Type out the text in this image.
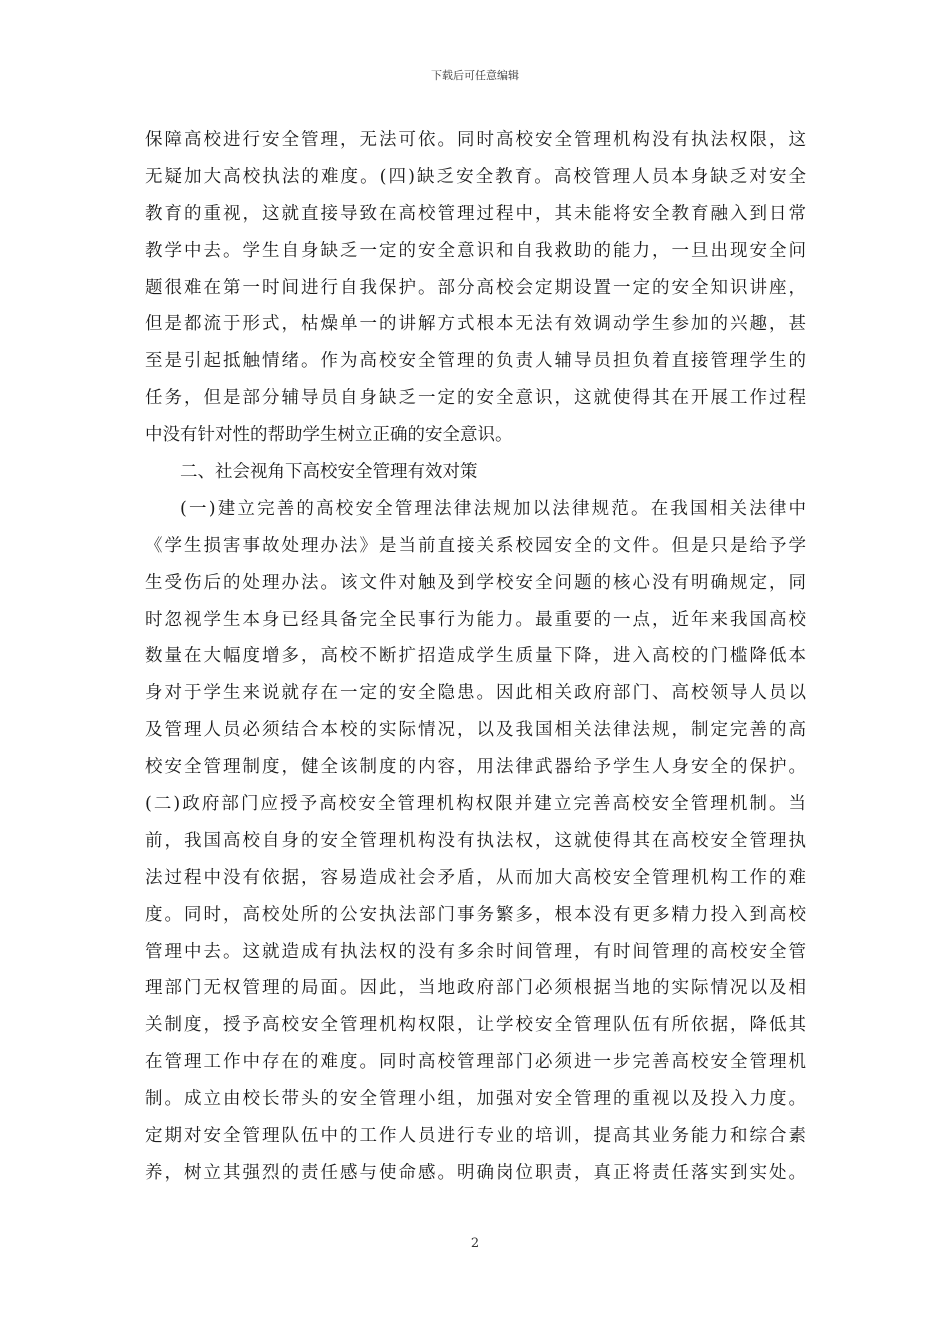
下载后可任意编辑
保障高校进行安全管理，无法可依。同时高校安全管理机构没有执法权限，这
无疑加大高校执法的难度。(四)缺乏安全教育。高校管理人员本身缺乏对安全
教育的重视，这就直接导致在高校管理过程中，其未能将安全教育融入到日常
教学中去。学生自身缺乏一定的安全意识和自我救助的能力，一旦出现安全问
题很难在第一时间进行自我保护。部分高校会定期设置一定的安全知识讲座，
但是都流于形式，枯燥单一的讲解方式根本无法有效调动学生参加的兴趣，甚
至是引起抵触情绪。作为高校安全管理的负责人辅导员担负着直接管理学生的
任务，但是部分辅导员自身缺乏一定的安全意识，这就使得其在开展工作过程
中没有针对性的帮助学生树立正确的安全意识。
二、社会视角下高校安全管理有效对策
(一)建立完善的高校安全管理法律法规加以法律规范。在我国相关法律中
《学生损害事故处理办法》是当前直接关系校园安全的文件。但是只是给予学
生受伤后的处理办法。该文件对触及到学校安全问题的核心没有明确规定，同
时忽视学生本身已经具备完全民事行为能力。最重要的一点，近年来我国高校
数量在大幅度增多，高校不断扩招造成学生质量下降，进入高校的门槛降低本
身对于学生来说就存在一定的安全隐患。因此相关政府部门、高校领导人员以
及管理人员必须结合本校的实际情况，以及我国相关法律法规，制定完善的高
校安全管理制度，健全该制度的内容，用法律武器给予学生人身安全的保护。
(二)政府部门应授予高校安全管理机构权限并建立完善高校安全管理机制。当
前，我国高校自身的安全管理机构没有执法权，这就使得其在高校安全管理执
法过程中没有依据，容易造成社会矛盾，从而加大高校安全管理机构工作的难
度。同时，高校处所的公安执法部门事务繁多，根本没有更多精力投入到高校
管理中去。这就造成有执法权的没有多余时间管理，有时间管理的高校安全管
理部门无权管理的局面。因此，当地政府部门必须根据当地的实际情况以及相
关制度，授予高校安全管理机构权限，让学校安全管理队伍有所依据，降低其
在管理工作中存在的难度。同时高校管理部门必须进一步完善高校安全管理机
制。成立由校长带头的安全管理小组，加强对安全管理的重视以及投入力度。
定期对安全管理队伍中的工作人员进行专业的培训，提高其业务能力和综合素
养，树立其强烈的责任感与使命感。明确岗位职责，真正将责任落实到实处。
2
